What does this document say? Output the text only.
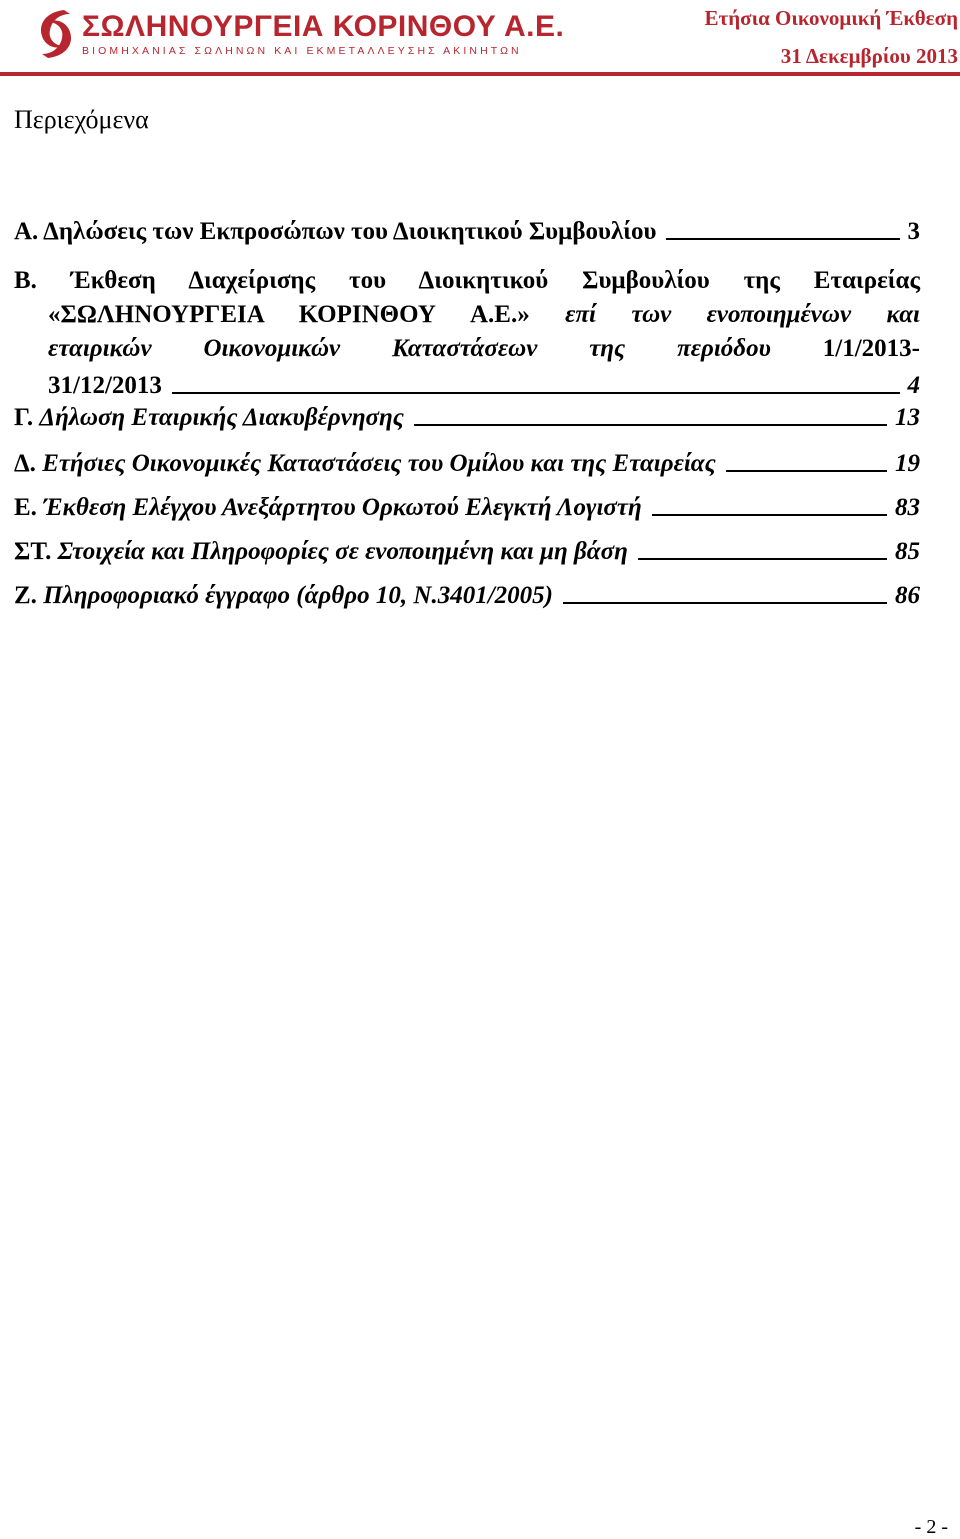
ΣΩΛΗΝΟΥΡΓΕΙΑ ΚΟΡΙΝΘΟΥ Α.Ε.
ΒΙΟΜΗΧΑΝΙΑΣ ΣΩΛΗΝΩΝ ΚΑΙ ΕΚΜΕΤΑΛΛΕΥΣΗΣ ΑΚΙΝΗΤΩΝ
Ετήσια Οικονομική Έκθεση
31 Δεκεμβρίου 2013
Περιεχόμενα
Α. Δηλώσεις των Εκπροσώπων του Διοικητικού Συμβουλίου	3
Β. Έκθεση Διαχείρισης του Διοικητικού Συμβουλίου της Εταιρείας
«ΣΩΛΗΝΟΥΡΓΕΙΑ ΚΟΡΙΝΘΟΥ Α.Ε.» επί των ενοποιημένων και
εταιρικών Οικονομικών Καταστάσεων της περιόδου 1/1/2013-
31/12/2013	4
Γ. Δήλωση Εταιρικής Διακυβέρνησης	13
Δ. Ετήσιες Οικονομικές Καταστάσεις του Ομίλου και της Εταιρείας	19
Ε. Έκθεση Ελέγχου Ανεξάρτητου Ορκωτού Ελεγκτή Λογιστή	83
ΣΤ. Στοιχεία και Πληροφορίες σε ενοποιημένη και μη βάση	85
Ζ. Πληροφοριακό έγγραφο (άρθρο 10, Ν.3401/2005)	86
- 2 -
